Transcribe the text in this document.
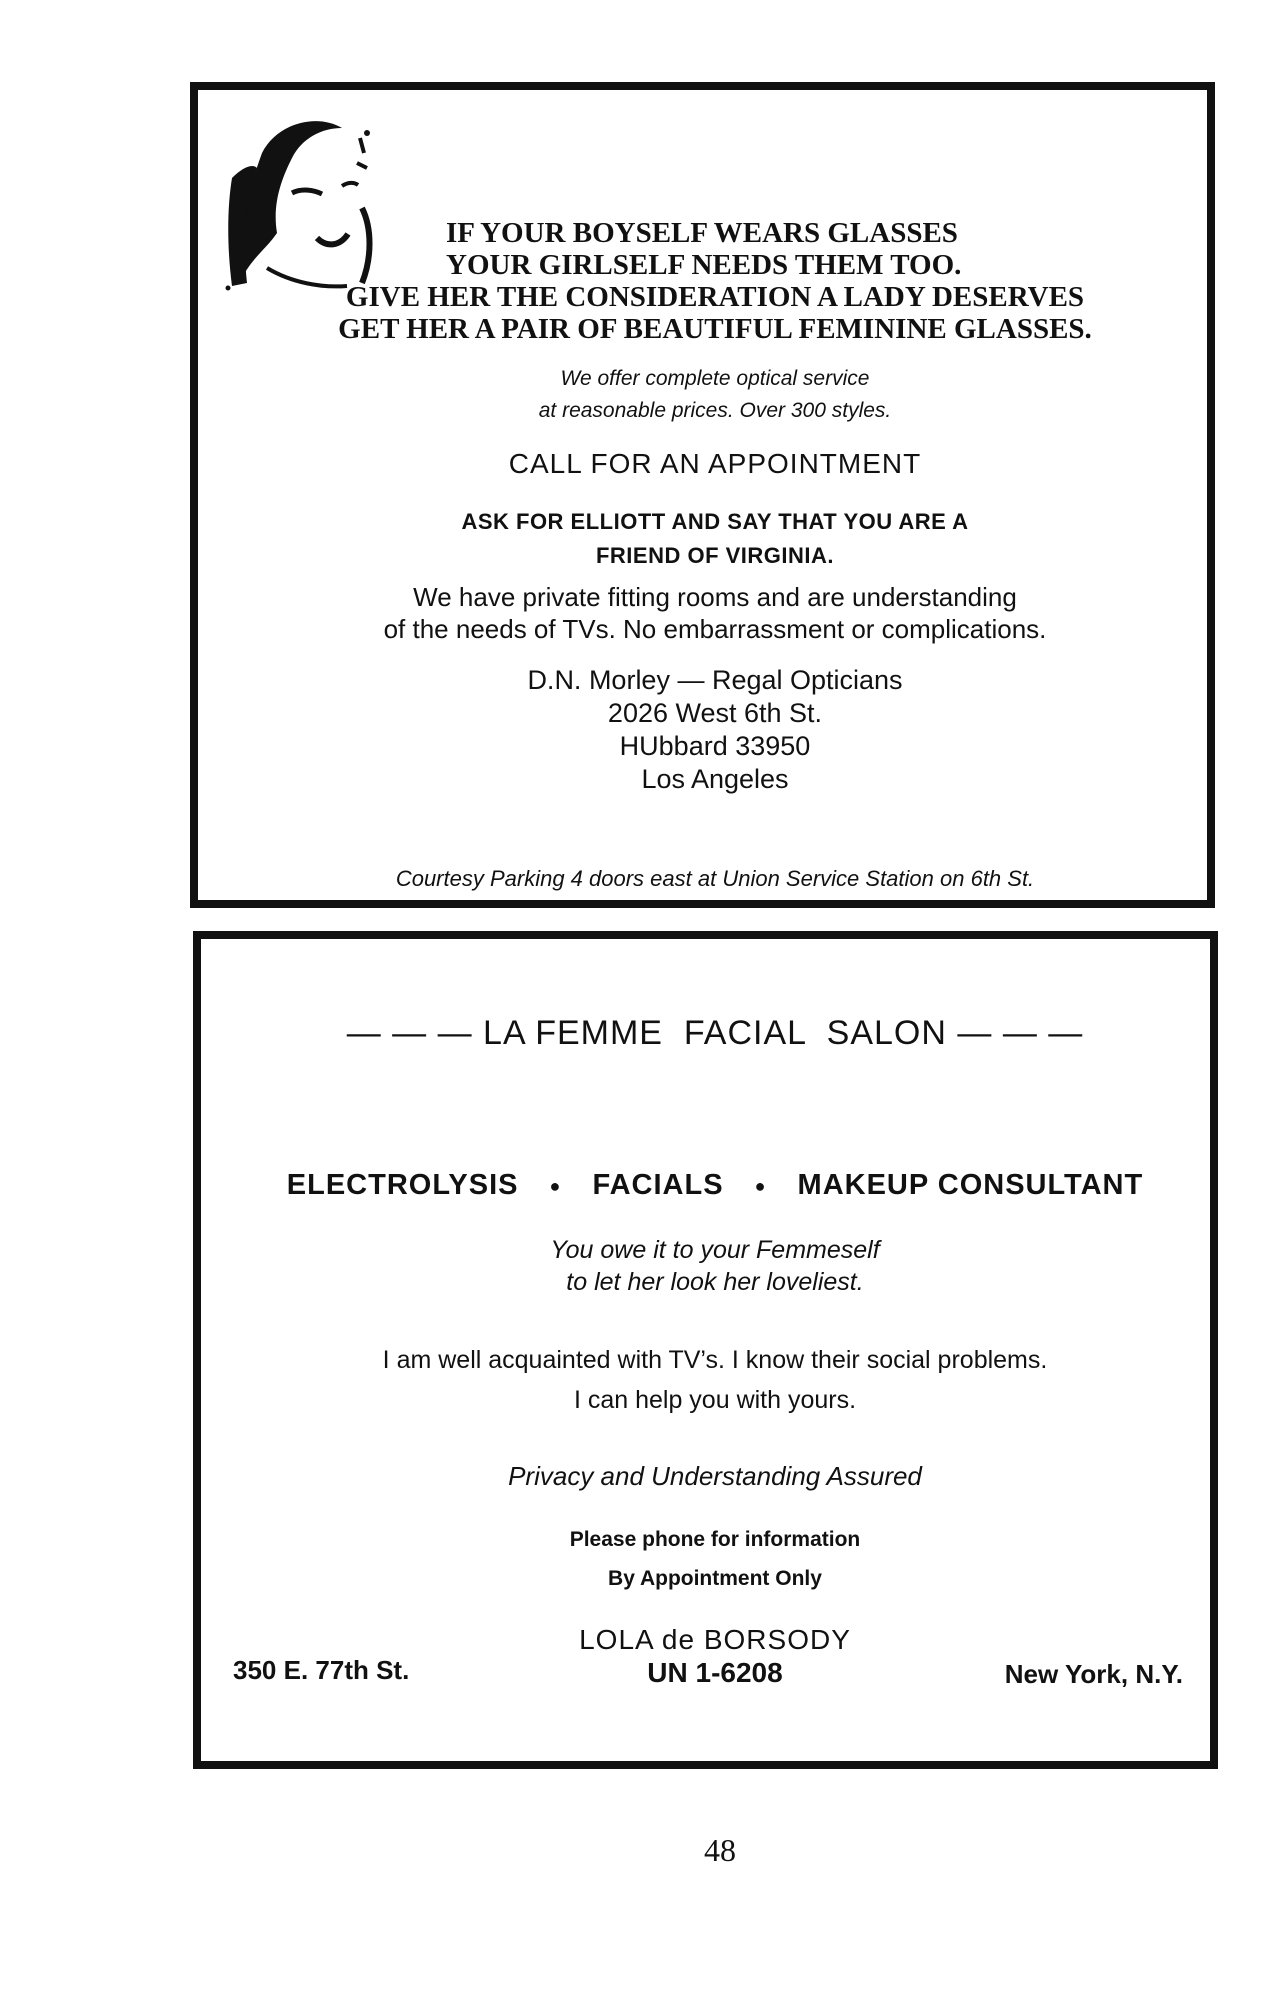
IF YOUR BOYSELF WEARS GLASSES
YOUR GIRLSELF NEEDS THEM TOO.
GIVE HER THE CONSIDERATION A LADY DESERVES
GET HER A PAIR OF BEAUTIFUL FEMININE GLASSES.
We offer complete optical service
at reasonable prices. Over 300 styles.
CALL FOR AN APPOINTMENT
ASK FOR ELLIOTT AND SAY THAT YOU ARE A
FRIEND OF VIRGINIA.
We have private fitting rooms and are understanding
of the needs of TVs. No embarrassment or complications.
D.N. Morley — Regal Opticians
2026 West 6th St.
HUbbard 33950
Los Angeles
Courtesy Parking 4 doors east at Union Service Station on 6th St.
— — — LA FEMME  FACIAL  SALON — — —
ELECTROLYSIS ● FACIALS ● MAKEUP CONSULTANT
You owe it to your Femmeself
to let her look her loveliest.
I am well acquainted with TV’s. I know their social problems.
I can help you with yours.
Privacy and Understanding Assured
Please phone for information
By Appointment Only
LOLA de BORSODY
UN 1-6208
350 E. 77th St.	New York, N.Y.
48
